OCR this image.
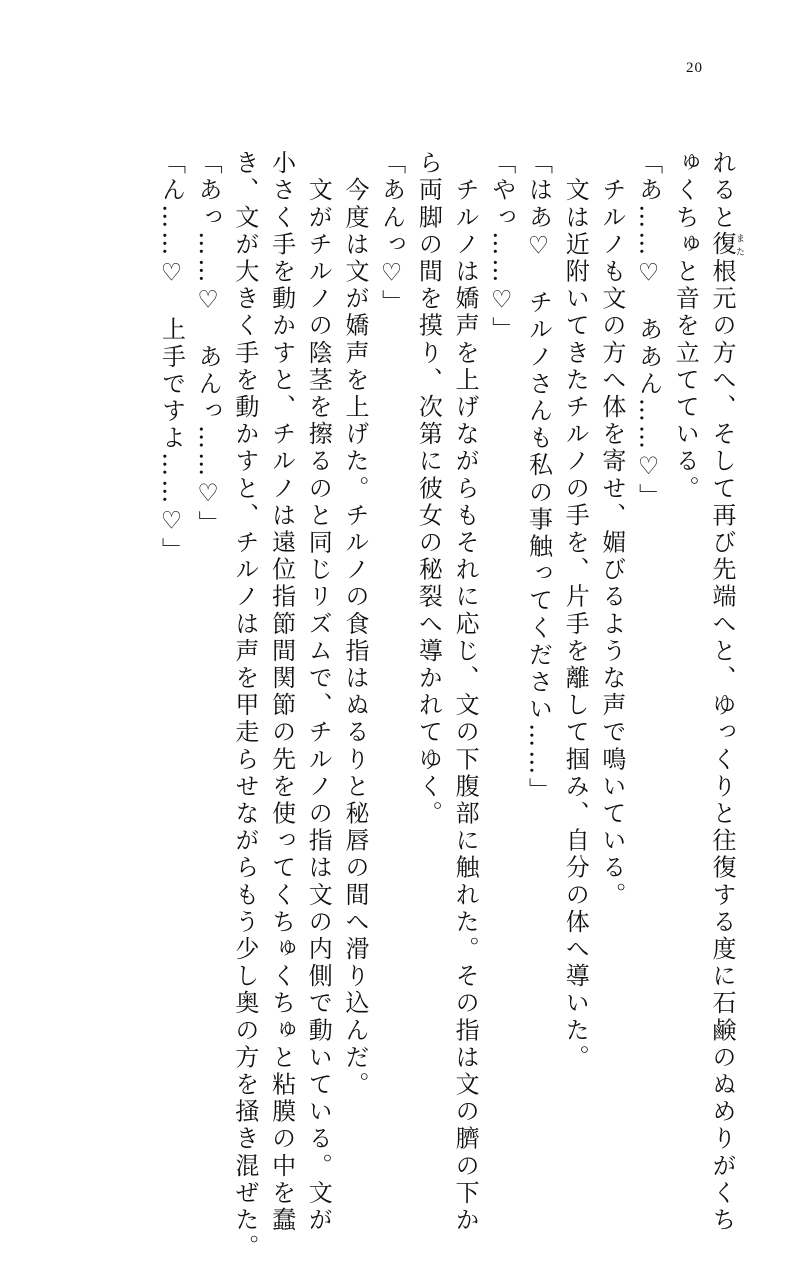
20

れると復また根元の方へ、そして再び先端へと、ゆっくりと往復する度に石鹸のぬめりがくち

ゅくちゅと音を立てている。

「あ……♡　ああん……♡」

　チルノも文の方へ体を寄せ、媚びるような声で鳴いている。

　文は近附いてきたチルノの手を、片手を離して掴み、自分の体へ導いた。

「はあ♡　チルノさんも私の事触ってください……」

「やっ……♡」

　チルノは嬌声を上げながらもそれに応じ、文の下腹部に触れた。その指は文の臍の下か

ら両脚の間を摸り、次第に彼女の秘裂へ導かれてゆく。

「あんっ♡」

　今度は文が嬌声を上げた。チルノの食指はぬるりと秘唇の間へ滑り込んだ。

　文がチルノの陰茎を擦るのと同じリズムで、チルノの指は文の内側で動いている。文が

小さく手を動かすと、チルノは遠位指節間関節の先を使ってくちゅくちゅと粘膜の中を蠢

き、文が大きく手を動かすと、チルノは声を甲走らせながらもう少し奥の方を掻き混ぜた。

「あっ……♡　あんっ……♡」

「ん……♡　上手ですよ……♡」
